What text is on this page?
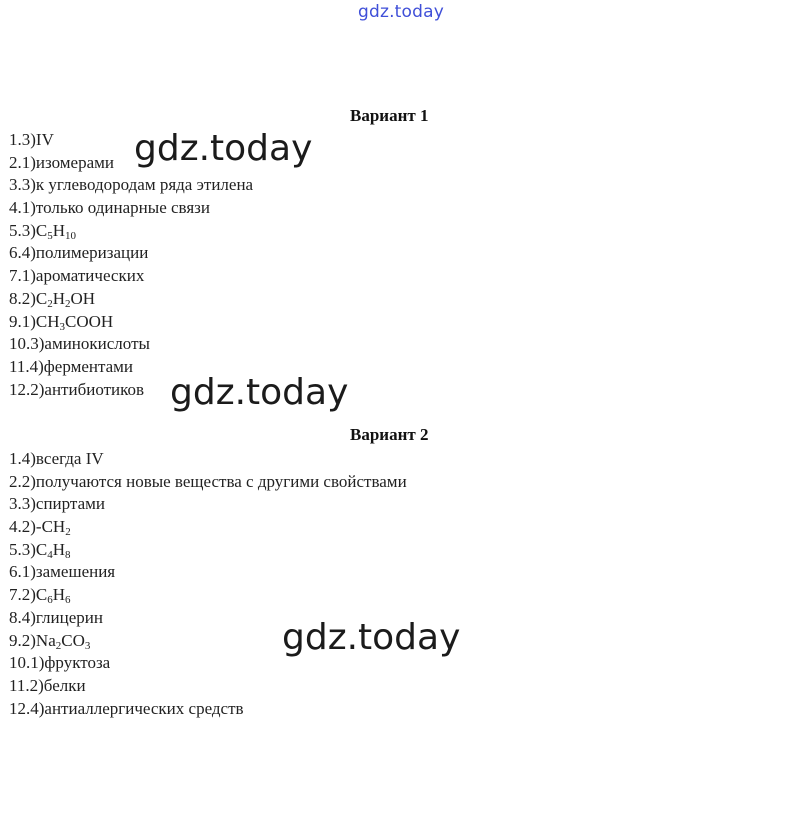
gdz.today
Вариант 1
1.3)IV
2.1)изомерами
3.3)к углеводородам ряда этилена
4.1)только одинарные связи
$5.3)C_5H_{10}$
6.4)полимеризации
7.1)ароматических
$8.2)C_2H_2OH$
$9.1)CH_3COOH$
10.3)аминокислоты
11.4)ферментами
12.2)антибиотиков
Вариант 2
1.4)всегда IV
2.2)получаются новые вещества с другими свойствами
3.3)спиртами
$4.2)-CH_2$
$5.3)C_4H_8$
6.1)замешения
$7.2)C_6H_6$
8.4)глицерин
$9.2)Na_2CO_3$
10.1)фруктоза
11.2)белки
12.4)антиаллергических средств
gdz.today
gdz.today
gdz.today
